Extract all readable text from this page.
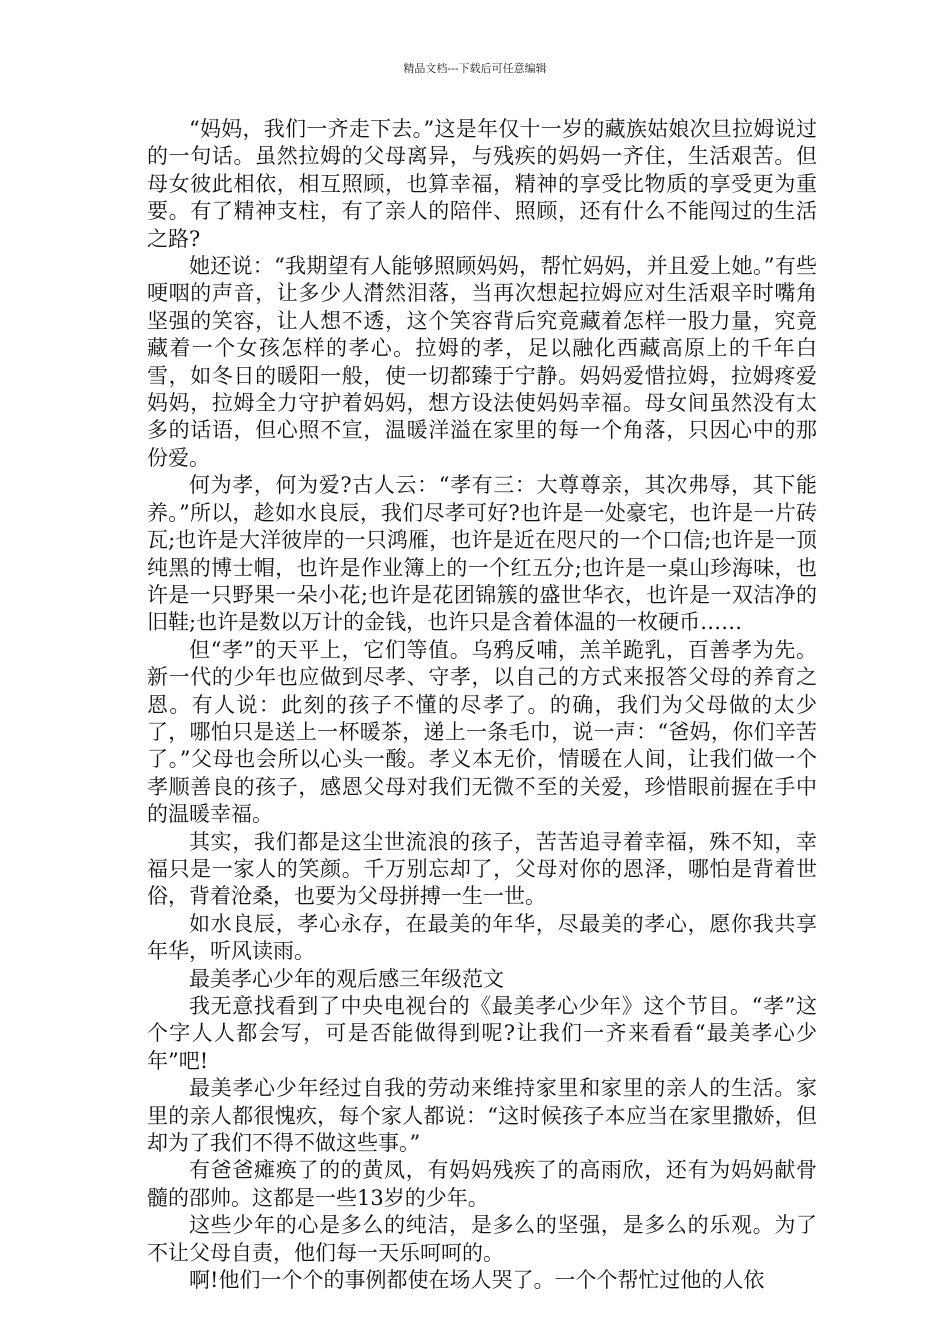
精品文档---下载后可任意编辑

“妈妈，我们一齐走下去。”这是年仅十一岁的藏族姑娘次旦拉姆说过的一句话。虽然拉姆的父母离异，与残疾的妈妈一齐住，生活艰苦。但母女彼此相依，相互照顾，也算幸福，精神的享受比物质的享受更为重要。有了精神支柱，有了亲人的陪伴、照顾，还有什么不能闯过的生活之路?

她还说：“我期望有人能够照顾妈妈，帮忙妈妈，并且爱上她。”有些哽咽的声音，让多少人潸然泪落，当再次想起拉姆应对生活艰辛时嘴角坚强的笑容，让人想不透，这个笑容背后究竟藏着怎样一股力量，究竟藏着一个女孩怎样的孝心。拉姆的孝，足以融化西藏高原上的千年白雪，如冬日的暖阳一般，使一切都臻于宁静。妈妈爱惜拉姆，拉姆疼爱妈妈，拉姆全力守护着妈妈，想方设法使妈妈幸福。母女间虽然没有太多的话语，但心照不宣，温暖洋溢在家里的每一个角落，只因心中的那份爱。

何为孝，何为爱?古人云：“孝有三：大尊尊亲，其次弗辱，其下能养。”所以，趁如水良辰，我们尽孝可好?也许是一处豪宅，也许是一片砖瓦;也许是大洋彼岸的一只鸿雁，也许是近在咫尺的一个口信;也许是一顶纯黑的博士帽，也许是作业簿上的一个红五分;也许是一桌山珍海味，也许是一只野果一朵小花;也许是花团锦簇的盛世华衣，也许是一双洁净的旧鞋;也许是数以万计的金钱，也许只是含着体温的一枚硬币……

但“孝”的天平上，它们等值。乌鸦反哺，羔羊跪乳，百善孝为先。新一代的少年也应做到尽孝、守孝，以自己的方式来报答父母的养育之恩。有人说：此刻的孩子不懂的尽孝了。的确，我们为父母做的太少了，哪怕只是送上一杯暖茶，递上一条毛巾，说一声：“爸妈，你们辛苦了。”父母也会所以心头一酸。孝义本无价，情暖在人间，让我们做一个孝顺善良的孩子，感恩父母对我们无微不至的关爱，珍惜眼前握在手中的温暖幸福。

其实，我们都是这尘世流浪的孩子，苦苦追寻着幸福，殊不知，幸福只是一家人的笑颜。千万别忘却了，父母对你的恩泽，哪怕是背着世俗，背着沧桑，也要为父母拼搏一生一世。

如水良辰，孝心永存，在最美的年华，尽最美的孝心，愿你我共享年华，听风读雨。

最美孝心少年的观后感三年级范文

我无意找看到了中央电视台的《最美孝心少年》这个节目。“孝”这个字人人都会写，可是否能做得到呢?让我们一齐来看看“最美孝心少年”吧!

最美孝心少年经过自我的劳动来维持家里和家里的亲人的生活。家里的亲人都很愧疚，每个家人都说：“这时候孩子本应当在家里撒娇，但却为了我们不得不做这些事。”

有爸爸瘫痪了的的黄凤，有妈妈残疾了的高雨欣，还有为妈妈献骨髓的邵帅。这都是一些13岁的少年。

这些少年的心是多么的纯洁，是多么的坚强，是多么的乐观。为了不让父母自责，他们每一天乐呵呵的。

啊!他们一个个的事例都使在场人哭了。一个个帮忙过他的人依
